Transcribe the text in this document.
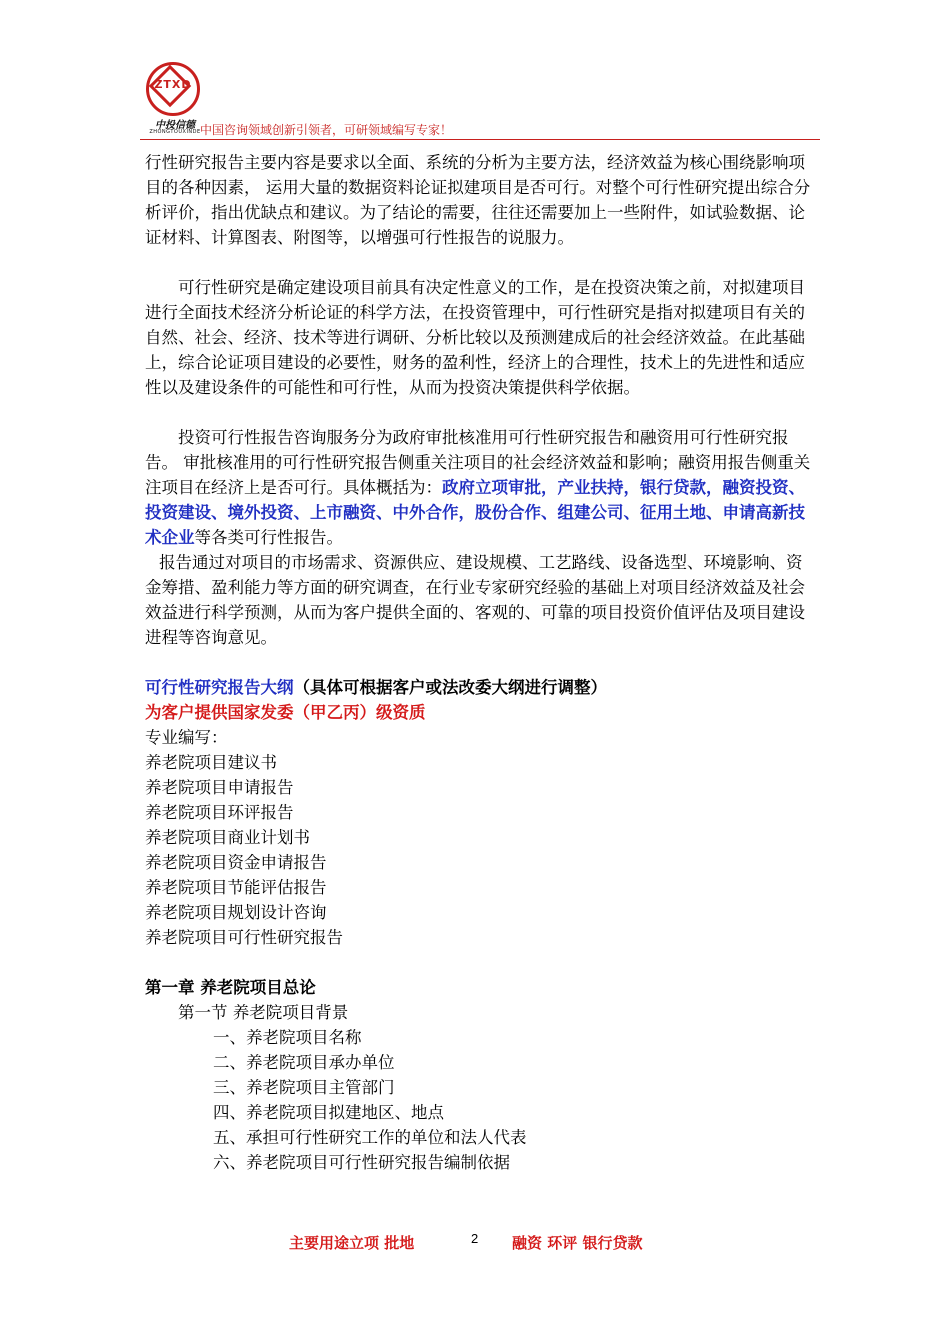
ZTXD
中投信德
ZHONGTOUXINDE 中国咨询领域创新引领者，可研领域编写专家！

行性研究报告主要内容是要求以全面、系统的分析为主要方法，经济效益为核心围绕影响项目的各种因素， 运用大量的数据资料论证拟建项目是否可行。对整个可行性研究提出综合分析评价，指出优缺点和建议。为了结论的需要，往往还需要加上一些附件，如试验数据、论证材料、计算图表、附图等，以增强可行性报告的说服力。

可行性研究是确定建设项目前具有决定性意义的工作，是在投资决策之前，对拟建项目进行全面技术经济分析论证的科学方法，在投资管理中，可行性研究是指对拟建项目有关的自然、社会、经济、技术等进行调研、分析比较以及预测建成后的社会经济效益。在此基础上，综合论证项目建设的必要性，财务的盈利性，经济上的合理性，技术上的先进性和适应性以及建设条件的可能性和可行性，从而为投资决策提供科学依据。

投资可行性报告咨询服务分为政府审批核准用可行性研究报告和融资用可行性研究报告。 审批核准用的可行性研究报告侧重关注项目的社会经济效益和影响；融资用报告侧重关注项目在经济上是否可行。具体概括为：政府立项审批，产业扶持，银行贷款，融资投资、投资建设、境外投资、上市融资、中外合作，股份合作、组建公司、征用土地、申请高新技术企业等各类可行性报告。

报告通过对项目的市场需求、资源供应、建设规模、工艺路线、设备选型、环境影响、资金筹措、盈利能力等方面的研究调查，在行业专家研究经验的基础上对项目经济效益及社会效益进行科学预测，从而为客户提供全面的、客观的、可靠的项目投资价值评估及项目建设进程等咨询意见。

可行性研究报告大纲（具体可根据客户或法改委大纲进行调整）

为客户提供国家发委（甲乙丙）级资质

专业编写：

养老院项目建议书

养老院项目申请报告

养老院项目环评报告

养老院项目商业计划书

养老院项目资金申请报告

养老院项目节能评估报告

养老院项目规划设计咨询

养老院项目可行性研究报告

第一章 养老院项目总论

第一节 养老院项目背景

一、养老院项目名称

二、养老院项目承办单位

三、养老院项目主管部门

四、养老院项目拟建地区、地点

五、承担可行性研究工作的单位和法人代表

六、养老院项目可行性研究报告编制依据

主要用途立项 批地	2 融资 环评 银行贷款
